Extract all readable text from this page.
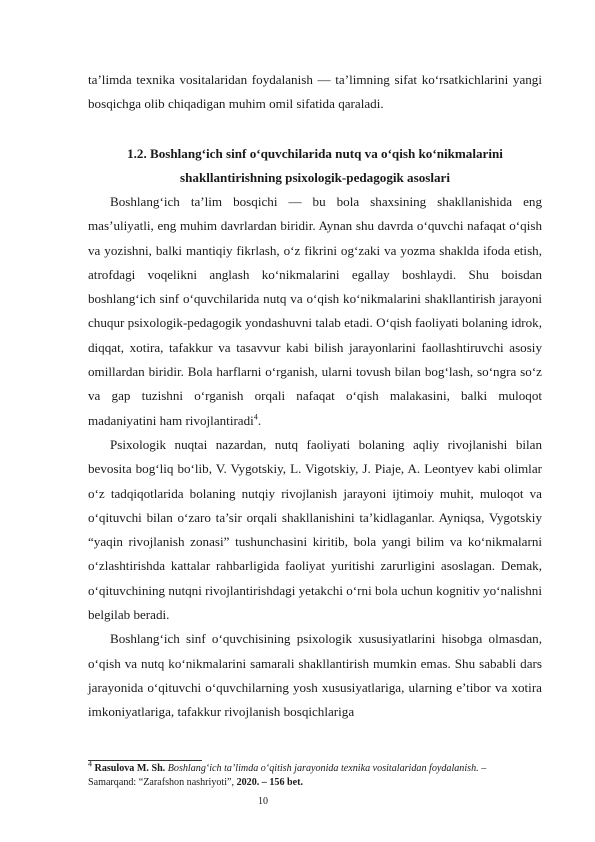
ta’limda texnika vositalaridan foydalanish — ta’limning sifat ko‘rsatkichlarini yangi bosqichga olib chiqadigan muhim omil sifatida qaraladi.

1.2. Boshlang‘ich sinf o‘quvchilarida nutq va o‘qish ko‘nikmalarini

shakllantirishning psixologik-pedagogik asoslari

Boshlang‘ich ta’lim bosqichi — bu bola shaxsining shakllanishida eng mas’uliyatli, eng muhim davrlardan biridir. Aynan shu davrda o‘quvchi nafaqat o‘qish va yozishni, balki mantiqiy fikrlash, o‘z fikrini og‘zaki va yozma shaklda ifoda etish, atrofdagi voqelikni anglash ko‘nikmalarini egallay boshlaydi. Shu boisdan boshlang‘ich sinf o‘quvchilarida nutq va o‘qish ko‘nikmalarini shakllantirish jarayoni chuqur psixologik-pedagogik yondashuvni talab etadi. O‘qish faoliyati bolaning idrok, diqqat, xotira, tafakkur va tasavvur kabi bilish jarayonlarini faollashtiruvchi asosiy omillardan biridir. Bola harflarni o‘rganish, ularni tovush bilan bog‘lash, so‘ngra so‘z va gap tuzishni o‘rganish orqali nafaqat o‘qish malakasini, balki muloqot madaniyatini ham rivojlantiradi$^4$.

Psixologik nuqtai nazardan, nutq faoliyati bolaning aqliy rivojlanishi bilan bevosita bog‘liq bo‘lib, V. Vygotskiy, L. Vigotskiy, J. Piaje, A. Leontyev kabi olimlar o‘z tadqiqotlarida bolaning nutqiy rivojlanish jarayoni ijtimoiy muhit, muloqot va o‘qituvchi bilan o‘zaro ta’sir orqali shakllanishini ta’kidlaganlar. Ayniqsa, Vygotskiy “yaqin rivojlanish zonasi” tushunchasini kiritib, bola yangi bilim va ko‘nikmalarni o‘zlashtirishda kattalar rahbarligida faoliyat yuritishi zarurligini asoslagan. Demak, o‘qituvchining nutqni rivojlantirishdagi yetakchi o‘rni bola uchun kognitiv yo‘nalishni belgilab beradi.

Boshlang‘ich sinf o‘quvchisining psixologik xususiyatlarini hisobga olmasdan, o‘qish va nutq ko‘nikmalarini samarali shakllantirish mumkin emas. Shu sababli dars jarayonida o‘qituvchi o‘quvchilarning yosh xususiyatlariga, ularning e’tibor va xotira imkoniyatlariga, tafakkur rivojlanish bosqichlariga

$^4$ Rasulova M. Sh. Boshlang‘ich ta’limda o‘qitish jarayonida texnika vositalaridan foydalanish. – Samarqand: “Zarafshon nashriyoti”, 2020. – 156 bet.
10
